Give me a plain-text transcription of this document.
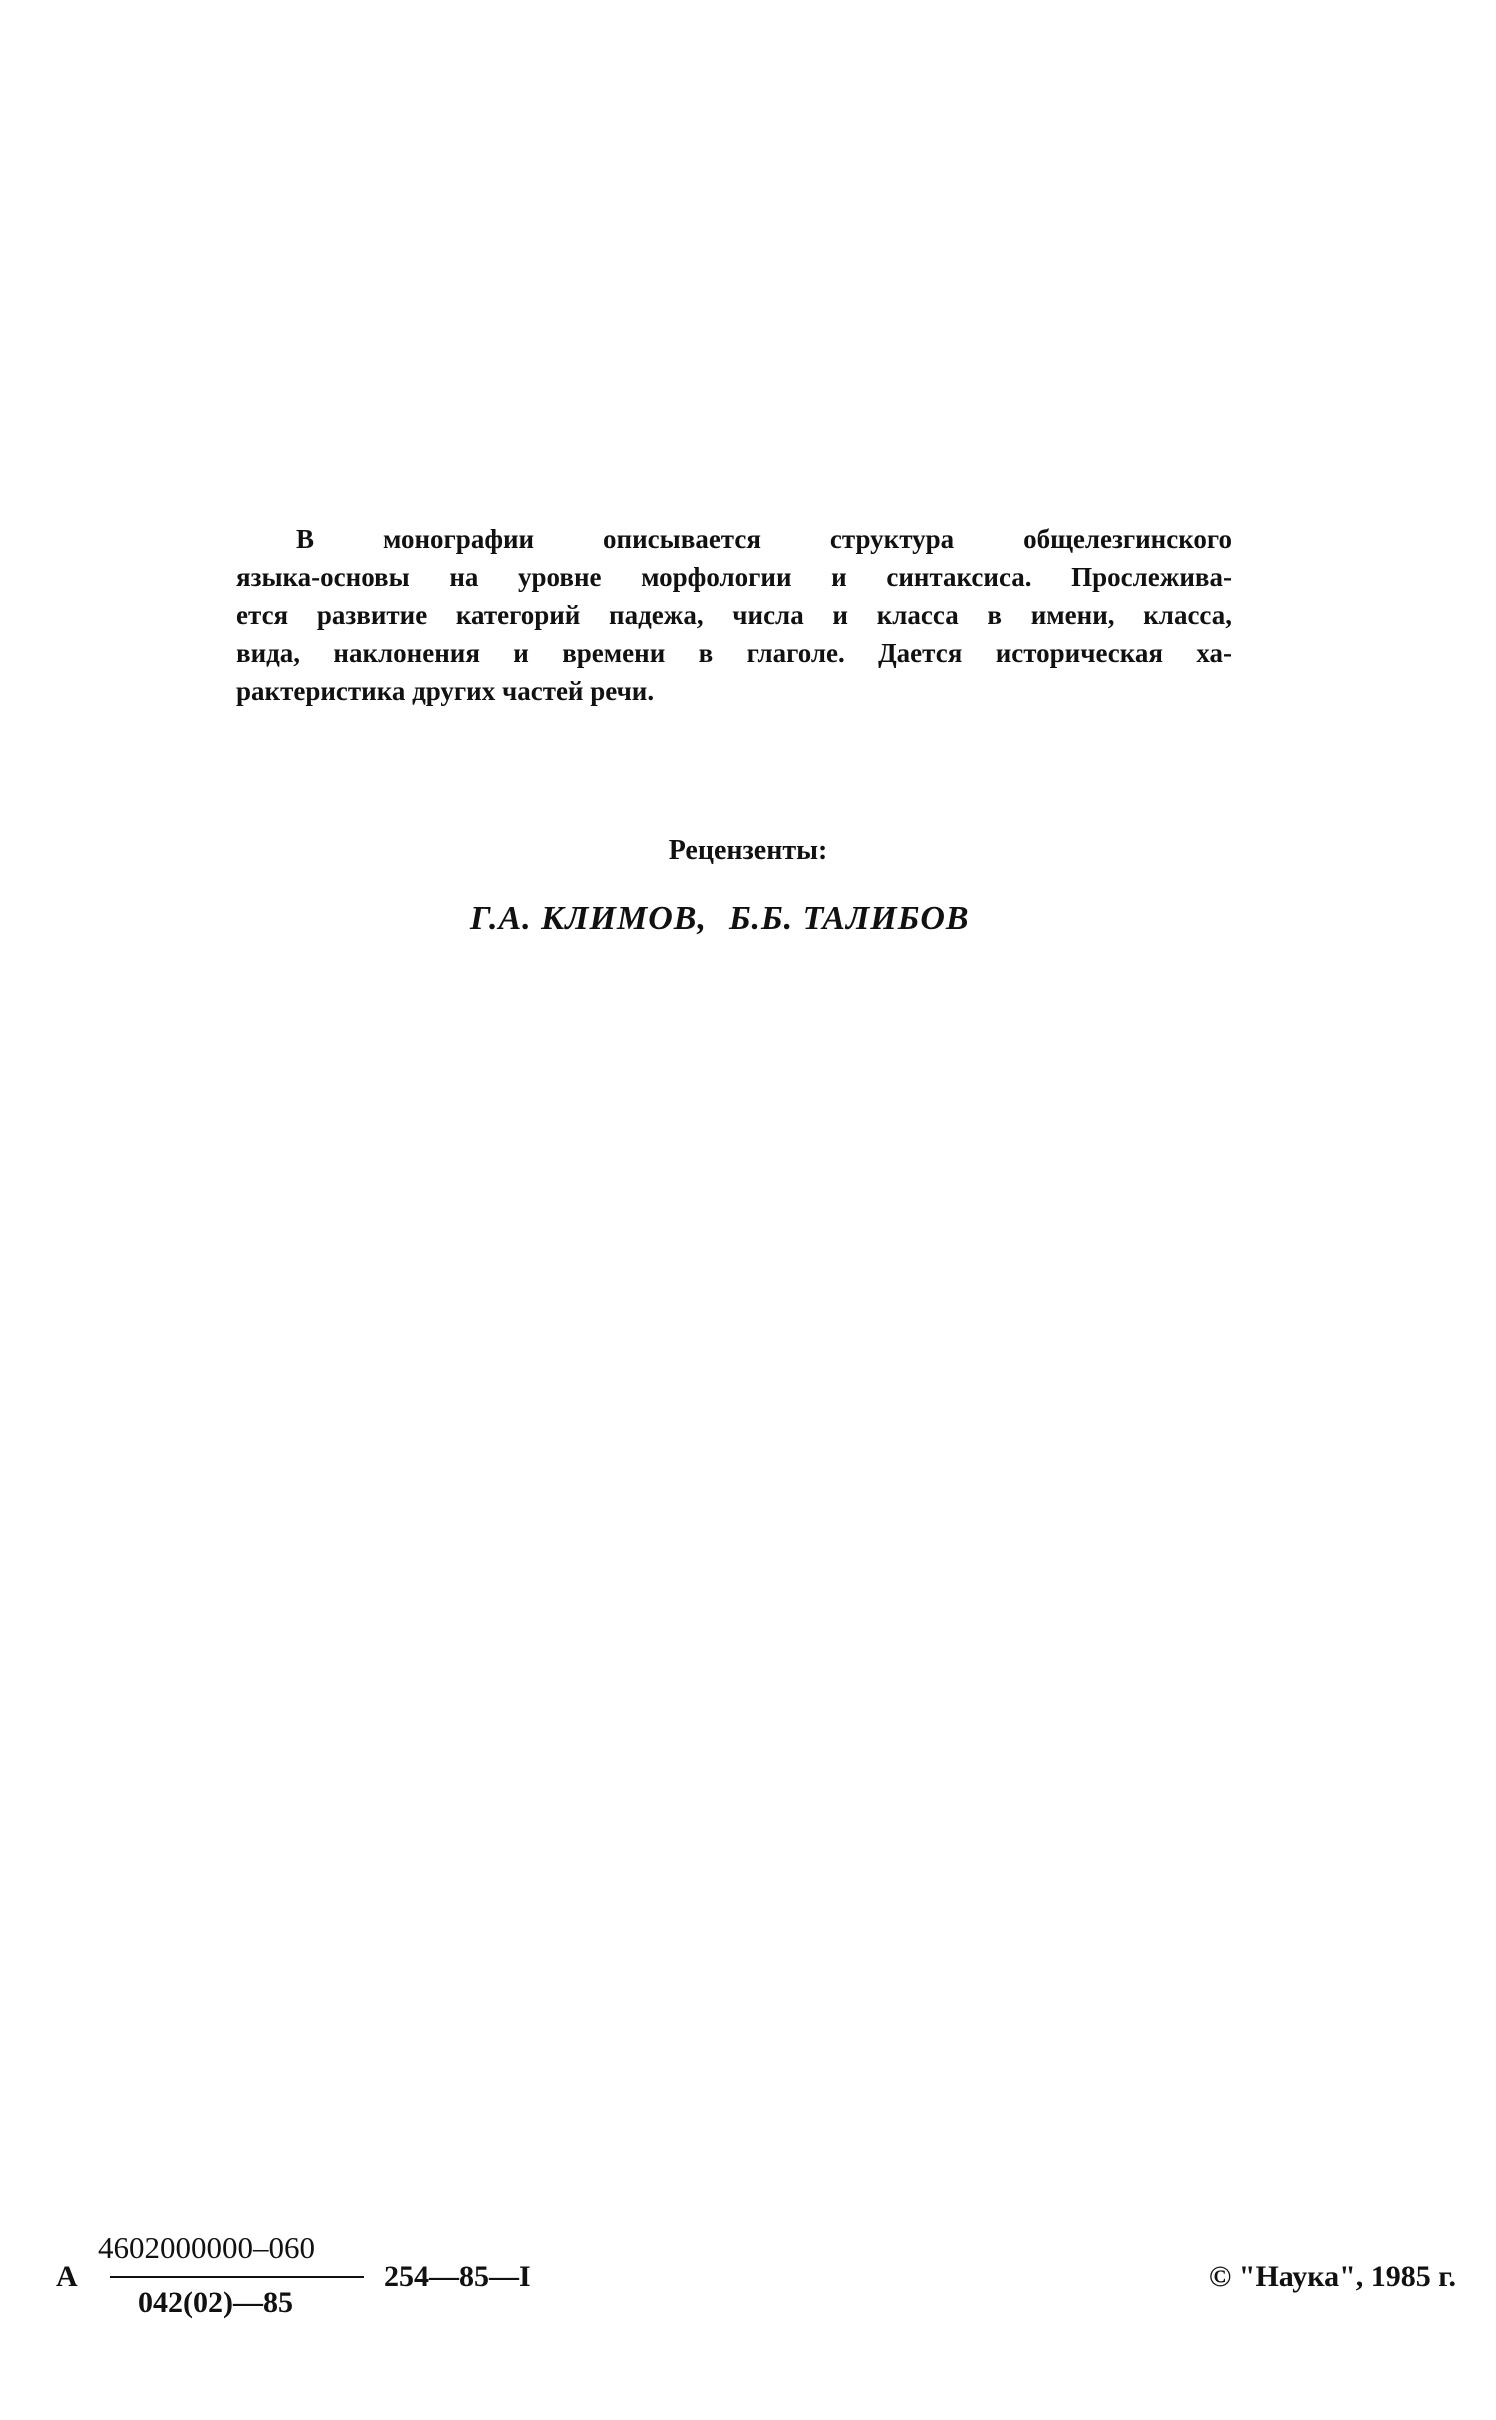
В монографии описывается структура общелезгинского
языка-основы на уровне морфологии и синтаксиса. Прослежива-
ется развитие категорий падежа, числа и класса в имени, класса,
вида, наклонения и времени в глаголе. Дается историческая ха-
рактеристика других частей речи.

Рецензенты:

Г.А. КЛИМОВ, Б.Б. ТАЛИБОВ

А
4602000000–060
042(02)—85
254—85—I	© "Наука", 1985 г.
